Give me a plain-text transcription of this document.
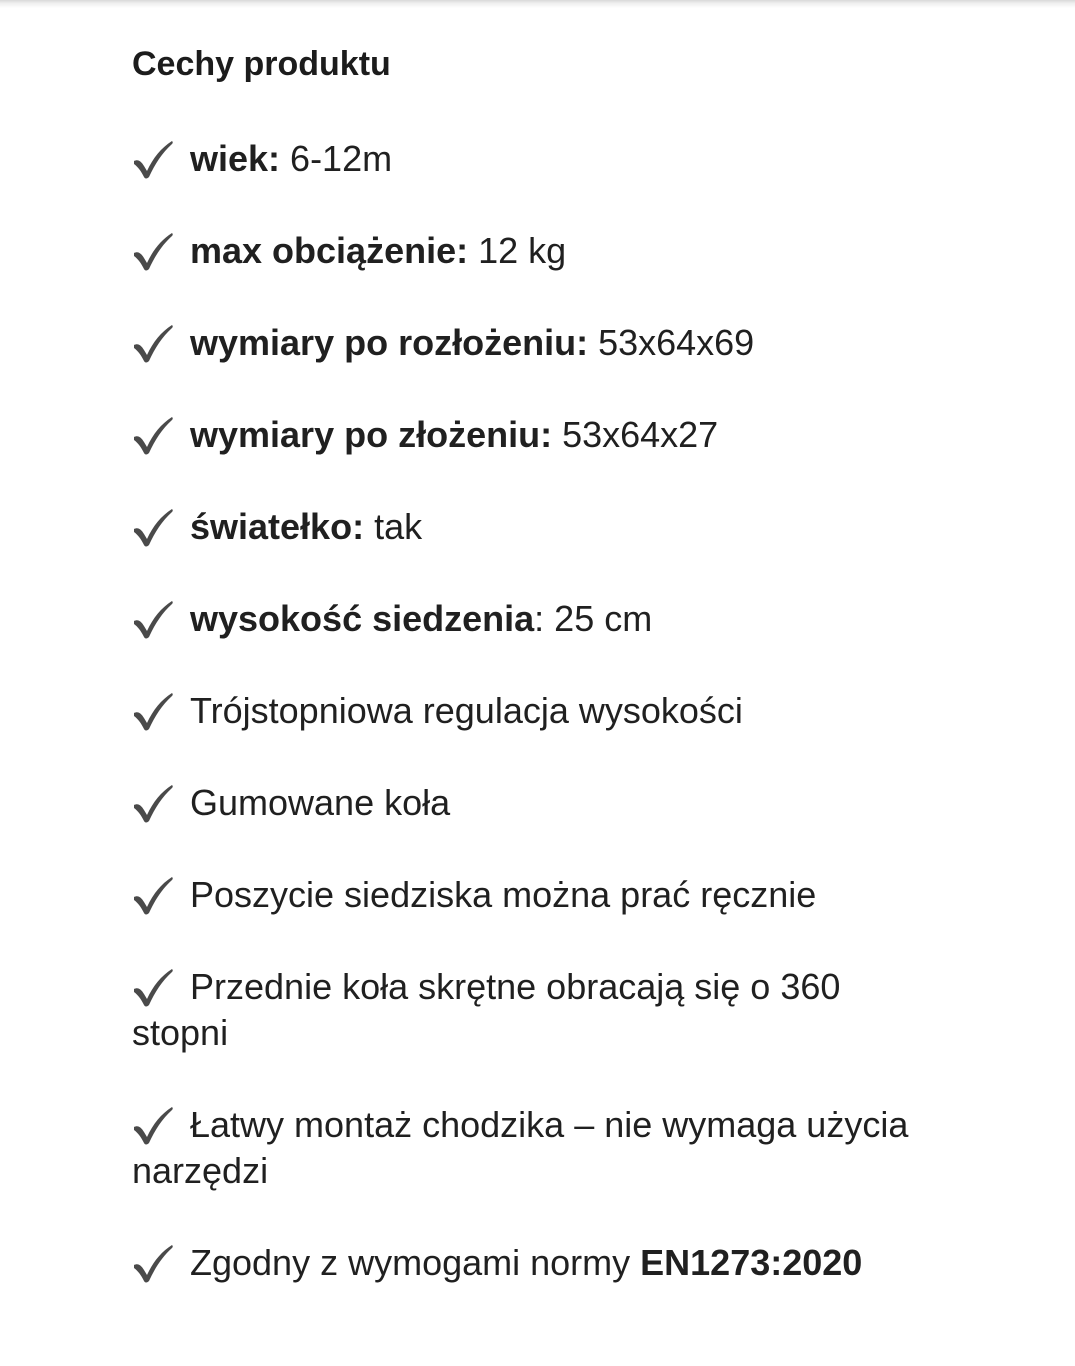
Cechy produktu
wiek: 6-12m
max obciążenie: 12 kg
wymiary po rozłożeniu: 53x64x69
wymiary po złożeniu: 53x64x27
światełko: tak
wysokość siedzenia: 25 cm
Trójstopniowa regulacja wysokości
Gumowane koła
Poszycie siedziska można prać ręcznie
Przednie koła skrętne obracają się o 360 stopni
Łatwy montaż chodzika – nie wymaga użycia narzędzi
Zgodny z wymogami normy EN1273:2020
